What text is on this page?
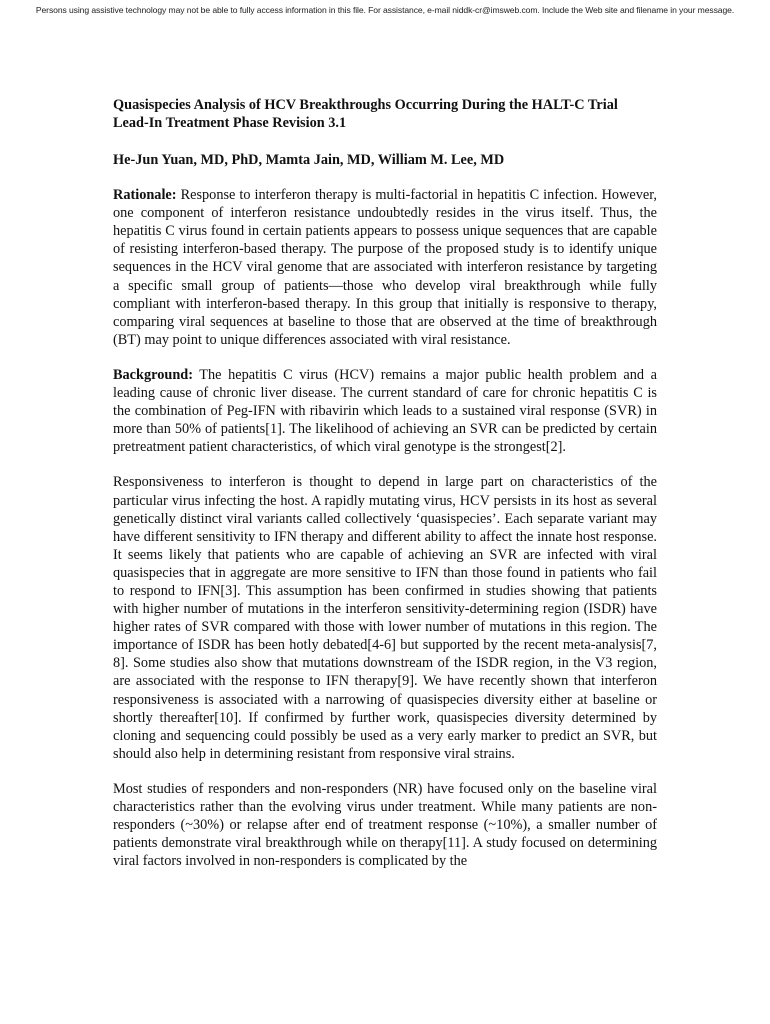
Persons using assistive technology may not be able to fully access information in this file. For assistance, e-mail niddk-cr@imsweb.com. Include the Web site and filename in your message.
Quasispecies Analysis of HCV Breakthroughs Occurring During the HALT-C Trial
Lead-In Treatment Phase Revision 3.1

He-Jun Yuan, MD, PhD, Mamta Jain, MD, William M. Lee, MD

Rationale: Response to interferon therapy is multi-factorial in hepatitis C infection. However, one component of interferon resistance undoubtedly resides in the virus itself. Thus, the hepatitis C virus found in certain patients appears to possess unique sequences that are capable of resisting interferon-based therapy. The purpose of the proposed study is to identify unique sequences in the HCV viral genome that are associated with interferon resistance by targeting a specific small group of patients—those who develop viral breakthrough while fully compliant with interferon-based therapy. In this group that initially is responsive to therapy, comparing viral sequences at baseline to those that are observed at the time of breakthrough (BT) may point to unique differences associated with viral resistance.

Background: The hepatitis C virus (HCV) remains a major public health problem and a leading cause of chronic liver disease. The current standard of care for chronic hepatitis C is the combination of Peg-IFN with ribavirin which leads to a sustained viral response (SVR) in more than 50% of patients[1]. The likelihood of achieving an SVR can be predicted by certain pretreatment patient characteristics, of which viral genotype is the strongest[2].

Responsiveness to interferon is thought to depend in large part on characteristics of the particular virus infecting the host. A rapidly mutating virus, HCV persists in its host as several genetically distinct viral variants called collectively ‘quasispecies’. Each separate variant may have different sensitivity to IFN therapy and different ability to affect the innate host response. It seems likely that patients who are capable of achieving an SVR are infected with viral quasispecies that in aggregate are more sensitive to IFN than those found in patients who fail to respond to IFN[3]. This assumption has been confirmed in studies showing that patients with higher number of mutations in the interferon sensitivity-determining region (ISDR) have higher rates of SVR compared with those with lower number of mutations in this region. The importance of ISDR has been hotly debated[4-6] but supported by the recent meta-analysis[7, 8]. Some studies also show that mutations downstream of the ISDR region, in the V3 region, are associated with the response to IFN therapy[9]. We have recently shown that interferon responsiveness is associated with a narrowing of quasispecies diversity either at baseline or shortly thereafter[10]. If confirmed by further work, quasispecies diversity determined by cloning and sequencing could possibly be used as a very early marker to predict an SVR, but should also help in determining resistant from responsive viral strains.

Most studies of responders and non-responders (NR) have focused only on the baseline viral characteristics rather than the evolving virus under treatment. While many patients are non-responders (~30%) or relapse after end of treatment response (~10%), a smaller number of patients demonstrate viral breakthrough while on therapy[11]. A study focused on determining viral factors involved in non-responders is complicated by the
